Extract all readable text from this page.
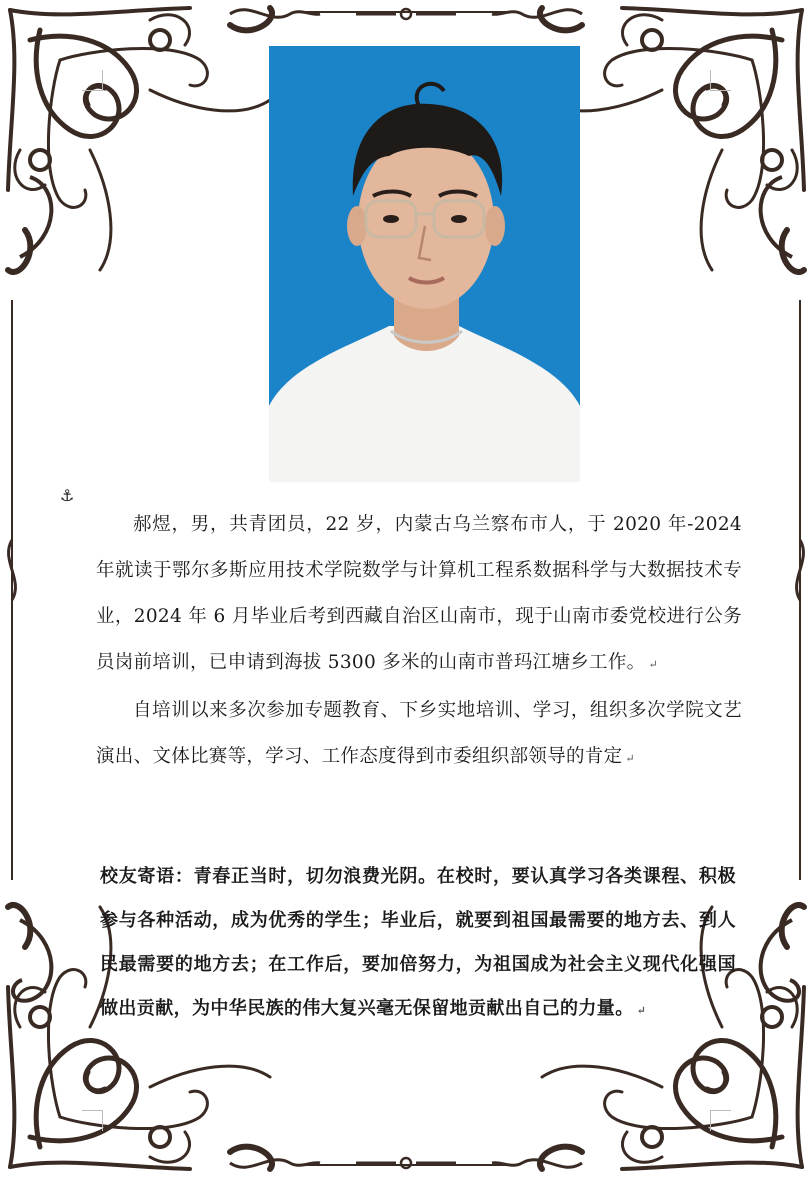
⚓

郝煜，男，共青团员，22 岁，内蒙古乌兰察布市人，于 2020 年-2024 年就读于鄂尔多斯应用技术学院数学与计算机工程系数据科学与大数据技术专业，2024 年 6 月毕业后考到西藏自治区山南市，现于山南市委党校进行公务员岗前培训，已申请到海拔 5300 多米的山南市普玛江塘乡工作。 ↵

自培训以来多次参加专题教育、下乡实地培训、学习，组织多次学院文艺演出、文体比赛等，学习、工作态度得到市委组织部领导的肯定 ↵

校友寄语：青春正当时，切勿浪费光阴。在校时，要认真学习各类课程、积极参与各种活动，成为优秀的学生；毕业后，就要到祖国最需要的地方去、到人民最需要的地方去；在工作后，要加倍努力，为祖国成为社会主义现代化强国做出贡献，为中华民族的伟大复兴毫无保留地贡献出自己的力量。 ↵
